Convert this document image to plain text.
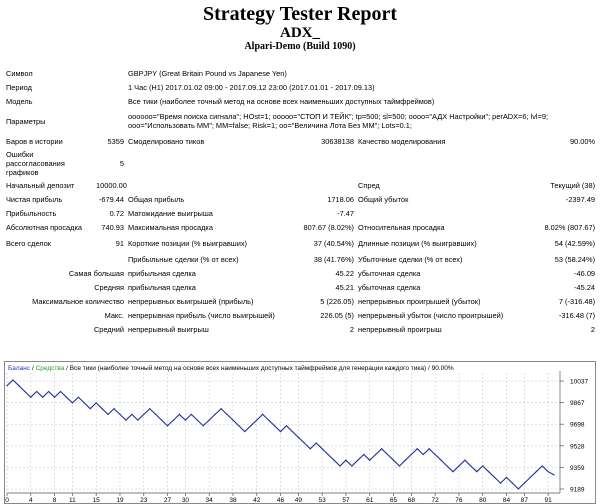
Strategy Tester Report
ADX_
Alpari-Demo (Build 1090)
Символ		GBPJPY (Great Britain Pound vs Japanese Yen)			
Период		1 Час (H1) 2017.01.02 09:00 - 2017.09.12 23:00 (2017.01.01 - 2017.09.13)			
Модель		Все тики (наиболее точный метод на основе всех наименьших доступных таймфреймов)			
Параметры		oooooo="Время поиска сигнала"; HOst=1; ooooo="СТОП И ТЕЙК"; tp=500; sl=500; oooo="АДХ Настройки"; perADX=6; lvl=9; ooo="Использовать ММ"; MM=false; Risk=1; oo="Величина Лота Без ММ"; Lots=0.1;			
Баров в истории	5359	Смоделировано тиков	30638138	Качество моделирования	90.00%
Ошибки рассогласования графиков	5				
Начальный депозит	10000.00			Спред	Текущий (38)
Чистая прибыль	-679.44	Общая прибыль	1718.06	Общий убыток	-2397.49
Прибыльность	0.72	Матожидание выигрыша	-7.47		
Абсолютная просадка	740.93	Максимальная просадка	807.67 (8.02%)	Относительная просадка	8.02% (807.67)
Всего сделок	91	Короткие позиции (% выигравших)	37 (40.54%)	Длинные позиции (% выигравших)	54 (42.59%)
		Прибыльные сделки (% от всех)	38 (41.76%)	Убыточные сделки (% от всех)	53 (58.24%)
Самая большая		прибыльная сделка	45.22	убыточная сделка	-46.09
Средняя		прибыльная сделка	45.21	убыточная сделка	-45.24
Максимальное количество		непрерывных выигрышей (прибыль)	5 (226.05)	непрерывных проигрышей (убыток)	7 (-316.48)
Макс.		непрерывная прибыль (число выигрышей)	226.05 (5)	непрерывный убыток (число проигрышей)	-316.48 (7)
Средний		непрерывный выигрыш	2	непрерывный проигрыш	2
Баланс / Средства / Все тики (наиболее точный метод на основе всех наименьших доступных таймфреймов для генерации каждого тика) / 90.00%
10037
9867
9698
9528
9359
9189
0	4	8 11	15	19	23	27 30	34	38	42	46 49	53	57	61	65 68	72	76	80	84 87	91
